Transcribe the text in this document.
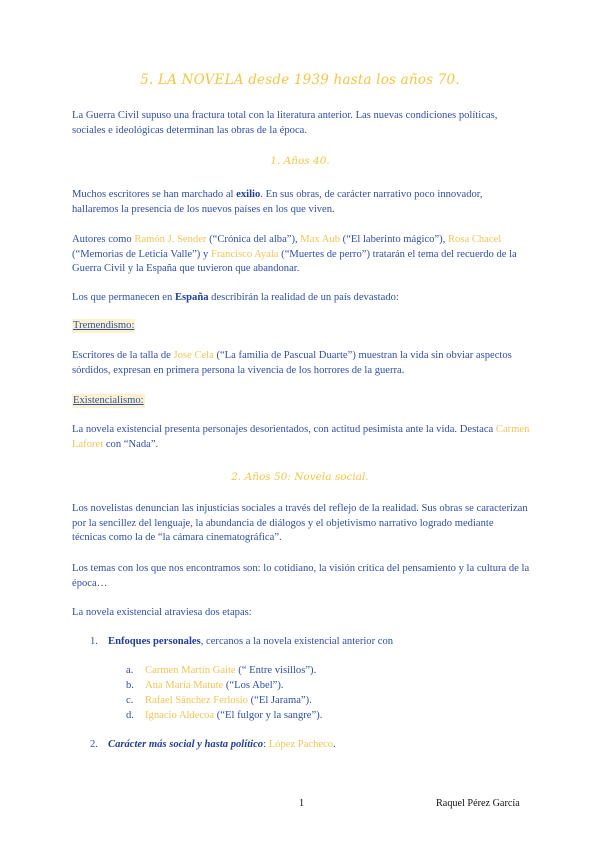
5. LA NOVELA desde 1939 hasta los años 70.
La Guerra Civil supuso una fractura total con la literatura anterior. Las nuevas condiciones políticas, sociales e ideológicas determinan las obras de la época.
1. Años 40.
Muchos escritores se han marchado al exilio. En sus obras, de carácter narrativo poco innovador, hallaremos la presencia de los nuevos países en los que viven.
Autores como Ramón J. Sender (“Crónica del alba”), Max Aub (“El laberinto mágico”), Rosa Chacel (“Memorias de Leticia Valle”) y Francisco Ayala (“Muertes de perro”) tratarán el tema del recuerdo de la Guerra Civil y la España que tuvieron que abandonar.
Los que permanecen en España describirán la realidad de un país devastado:
Tremendismo:
Escritores de la talla de Jose Cela (“La familia de Pascual Duarte”) muestran la vida sin obviar aspectos sórdidos, expresan en primera persona la vivencia de los horrores de la guerra.
Existencialismo:
La novela existencial presenta personajes desorientados, con actitud pesimista ante la vida. Destaca Carmen Laforet con “Nada”.
2. Años 50: Novela social.
Los novelistas denuncian las injusticias sociales a través del reflejo de la realidad. Sus obras se caracterizan por la sencillez del lenguaje, la abundancia de diálogos y el objetivismo narrativo logrado mediante técnicas como la de “la cámara cinematográfica”.
Los temas con los que nos encontramos son: lo cotidiano, la visión crítica del pensamiento y la cultura de la época…
La novela existencial atraviesa dos etapas:
1. Enfoques personales, cercanos a la novela existencial anterior con
a. Carmen Martín Gaite (“ Entre visillos”).
b. Ana María Matute (“Los Abel”).
c. Rafael Sánchez Ferlosio (“El Jarama”).
d. Ignacio Aldecoa (“El fulgor y la sangre”).
2. Carácter más social y hasta político: López Pacheco.
1	Raquel Pérez García
